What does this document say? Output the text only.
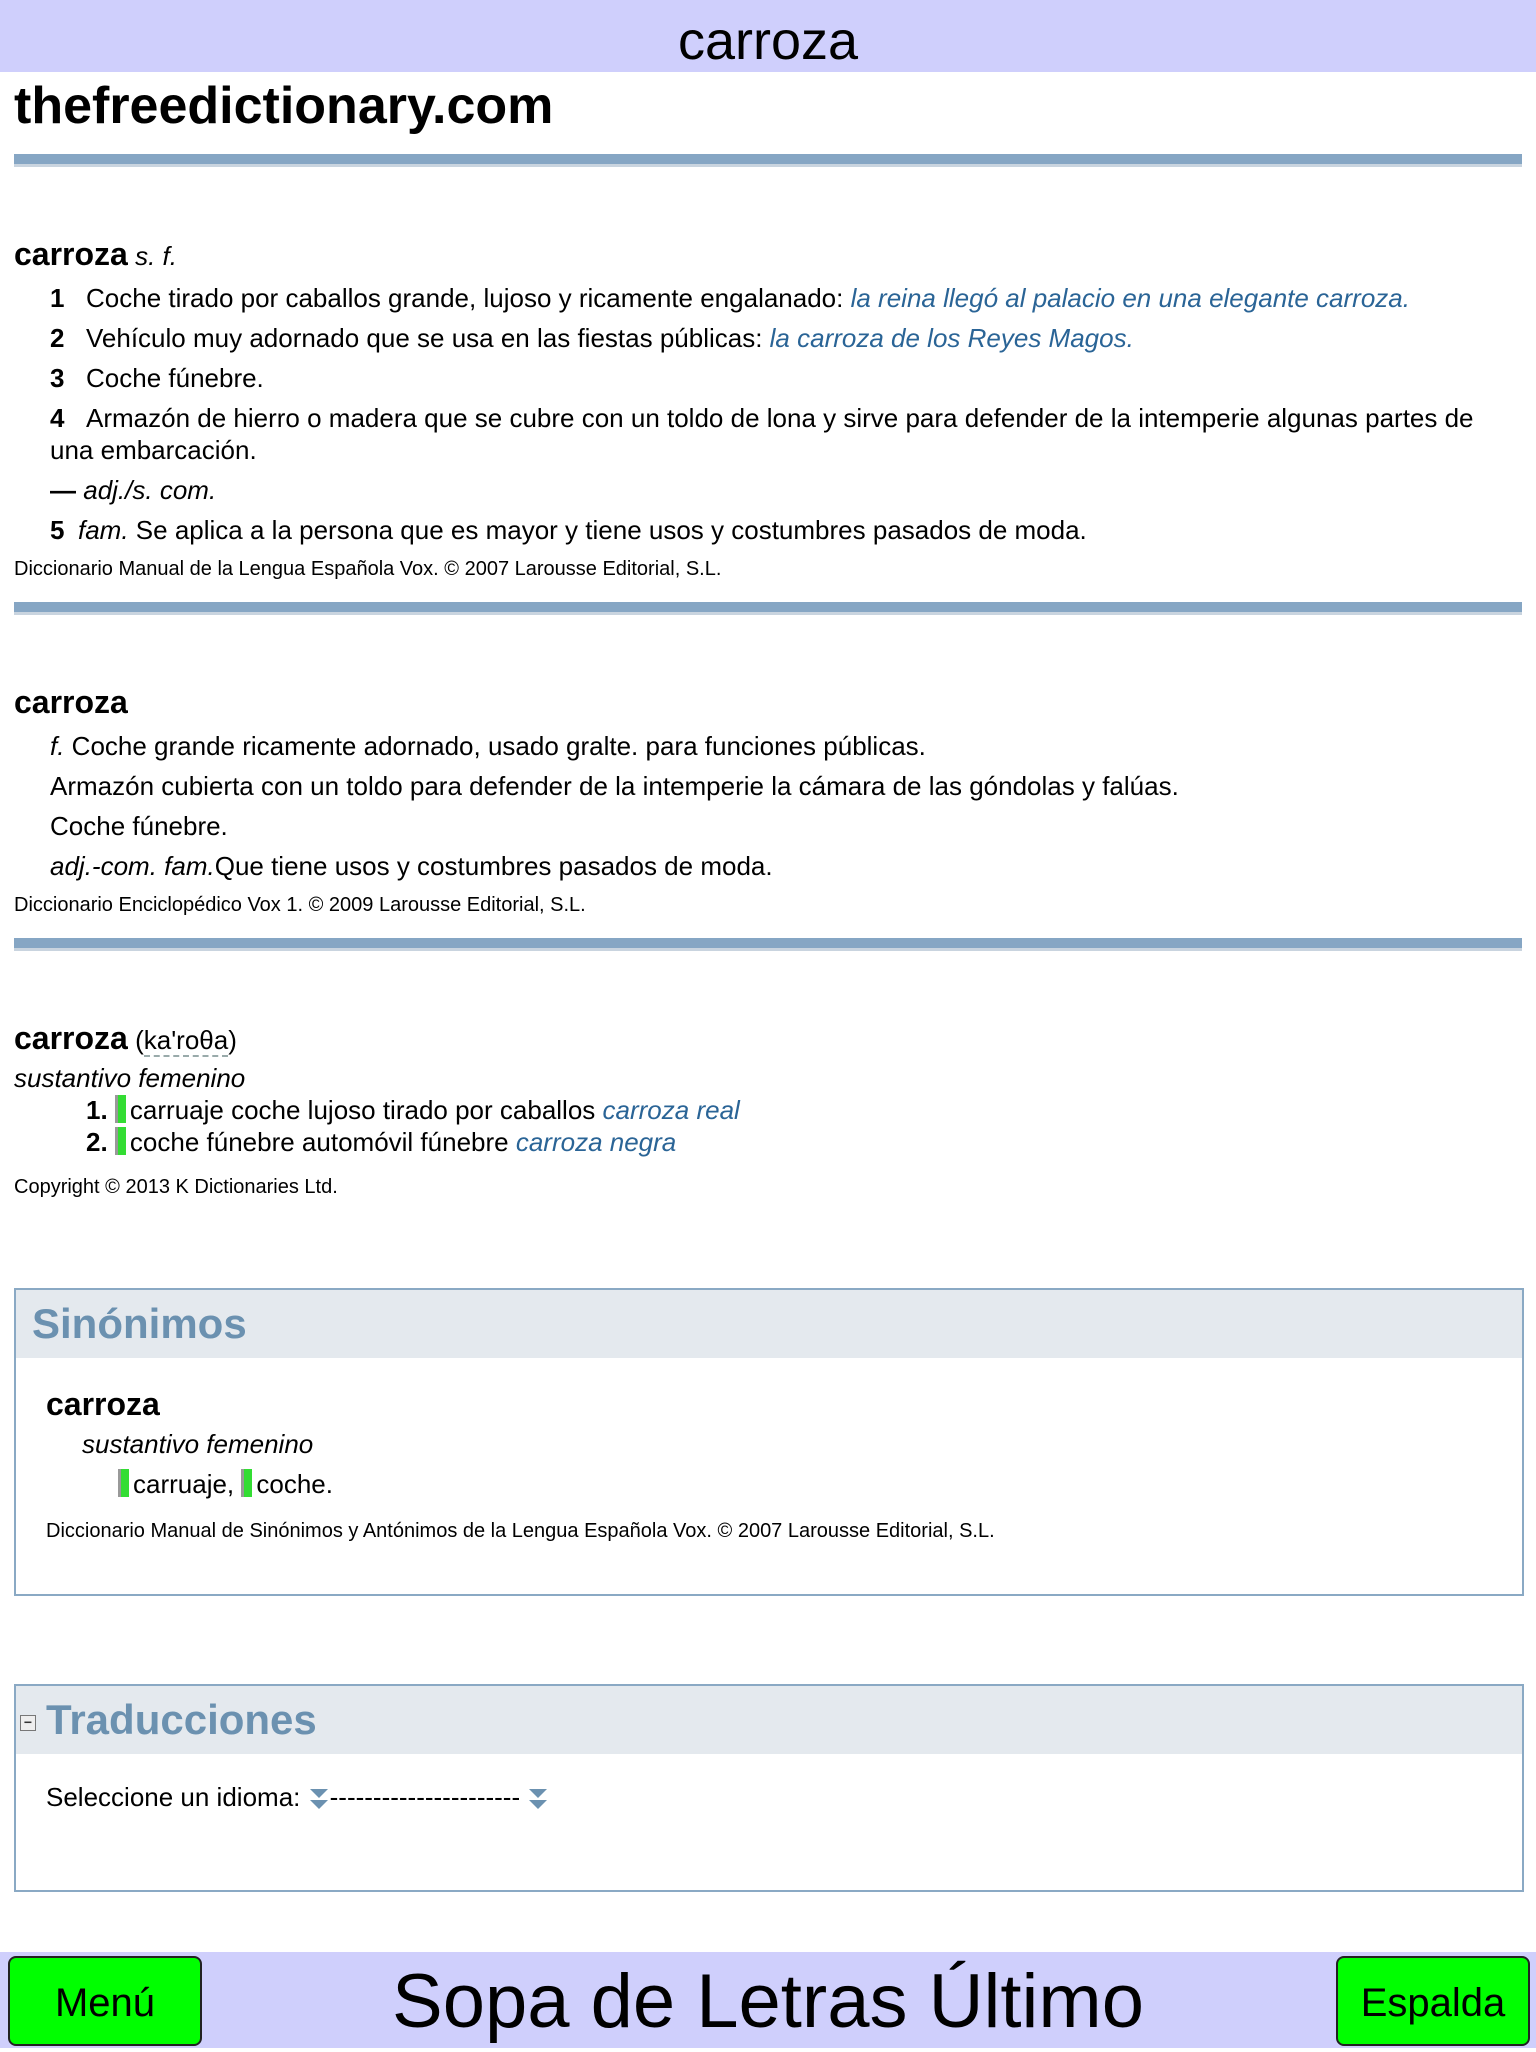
carroza
thefreedictionary.com
carroza s. f.
1 Coche tirado por caballos grande, lujoso y ricamente engalanado: la reina llegó al palacio en una elegante carroza.
2 Vehículo muy adornado que se usa en las fiestas públicas: la carroza de los Reyes Magos.
3 Coche fúnebre.
4 Armazón de hierro o madera que se cubre con un toldo de lona y sirve para defender de la intemperie algunas partes de una embarcación.
— adj./s. com.
5 fam. Se aplica a la persona que es mayor y tiene usos y costumbres pasados de moda.
Diccionario Manual de la Lengua Española Vox. © 2007 Larousse Editorial, S.L.
carroza
f. Coche grande ricamente adornado, usado gralte. para funciones públicas.
Armazón cubierta con un toldo para defender de la intemperie la cámara de las góndolas y falúas.
Coche fúnebre.
adj.-com. fam.Que tiene usos y costumbres pasados de moda.
Diccionario Enciclopédico Vox 1. © 2009 Larousse Editorial, S.L.
carroza (ka'roθa)
sustantivo femenino
1. carruaje coche lujoso tirado por caballos carroza real
2. coche fúnebre automóvil fúnebre carroza negra
Copyright © 2013 K Dictionaries Ltd.
Sinónimos
carroza
sustantivo femenino
carruaje, coche.
Diccionario Manual de Sinónimos y Antónimos de la Lengua Española Vox. © 2007 Larousse Editorial, S.L.
− Traducciones
Seleccione un idioma: ----------------------
Sopa de Letras Último
Menú	Espalda
